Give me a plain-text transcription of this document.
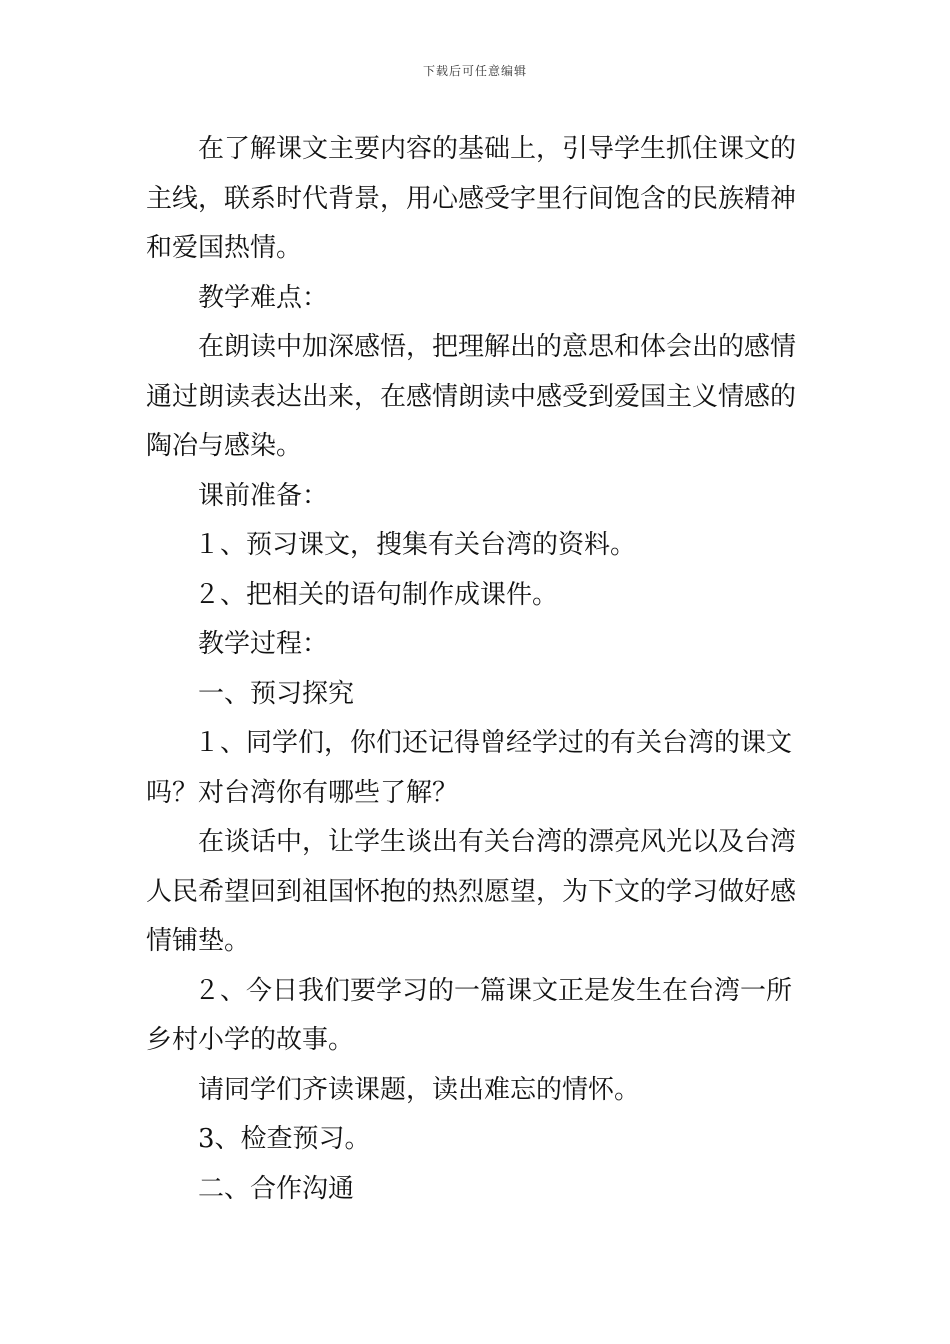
下载后可任意编辑

在了解课文主要内容的基础上，引导学生抓住课文的主线，联系时代背景，用心感受字里行间饱含的民族精神和爱国热情。

教学难点：

在朗读中加深感悟，把理解出的意思和体会出的感情通过朗读表达出来，在感情朗读中感受到爱国主义情感的陶冶与感染。

课前准备：

１、预习课文，搜集有关台湾的资料。

２、把相关的语句制作成课件。

教学过程：

一、预习探究

１、同学们，你们还记得曾经学过的有关台湾的课文吗？对台湾你有哪些了解？

在谈话中，让学生谈出有关台湾的漂亮风光以及台湾人民希望回到祖国怀抱的热烈愿望，为下文的学习做好感情铺垫。

２、今日我们要学习的一篇课文正是发生在台湾一所乡村小学的故事。

请同学们齐读课题，读出难忘的情怀。

3、检查预习。

二、合作沟通
